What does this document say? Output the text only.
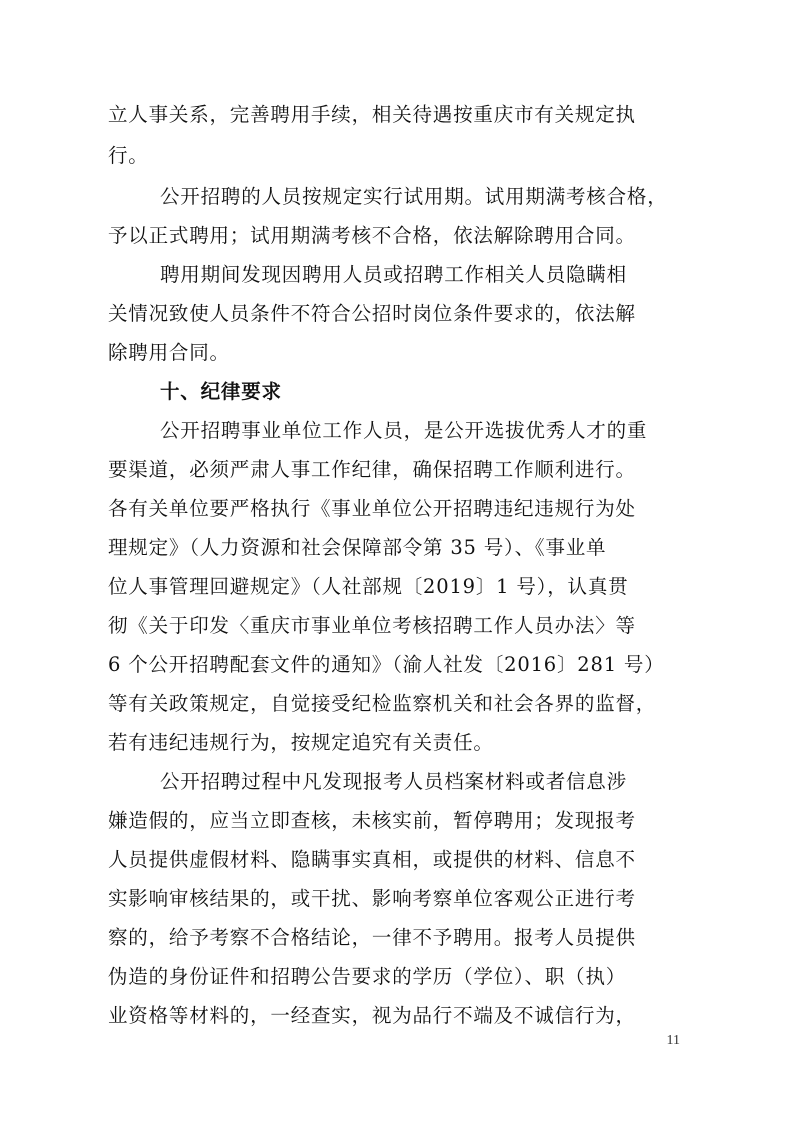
立人事关系，完善聘用手续，相关待遇按重庆市有关规定执
行。
公开招聘的人员按规定实行试用期。试用期满考核合格，
予以正式聘用；试用期满考核不合格，依法解除聘用合同。
聘用期间发现因聘用人员或招聘工作相关人员隐瞒相
关情况致使人员条件不符合公招时岗位条件要求的，依法解
除聘用合同。
十、纪律要求
公开招聘事业单位工作人员，是公开选拔优秀人才的重
要渠道，必须严肃人事工作纪律，确保招聘工作顺利进行。
各有关单位要严格执行《事业单位公开招聘违纪违规行为处
理规定》（人力资源和社会保障部令第 35 号）、《事业单
位人事管理回避规定》（人社部规〔2019〕1 号），认真贯
彻《关于印发〈重庆市事业单位考核招聘工作人员办法〉等
6 个公开招聘配套文件的通知》（渝人社发〔2016〕281 号）
等有关政策规定，自觉接受纪检监察机关和社会各界的监督，
若有违纪违规行为，按规定追究有关责任。
公开招聘过程中凡发现报考人员档案材料或者信息涉
嫌造假的，应当立即查核，未核实前，暂停聘用；发现报考
人员提供虚假材料、隐瞒事实真相，或提供的材料、信息不
实影响审核结果的，或干扰、影响考察单位客观公正进行考
察的，给予考察不合格结论，一律不予聘用。报考人员提供
伪造的身份证件和招聘公告要求的学历（学位）、职（执）
业资格等材料的，一经查实，视为品行不端及不诚信行为，
11
